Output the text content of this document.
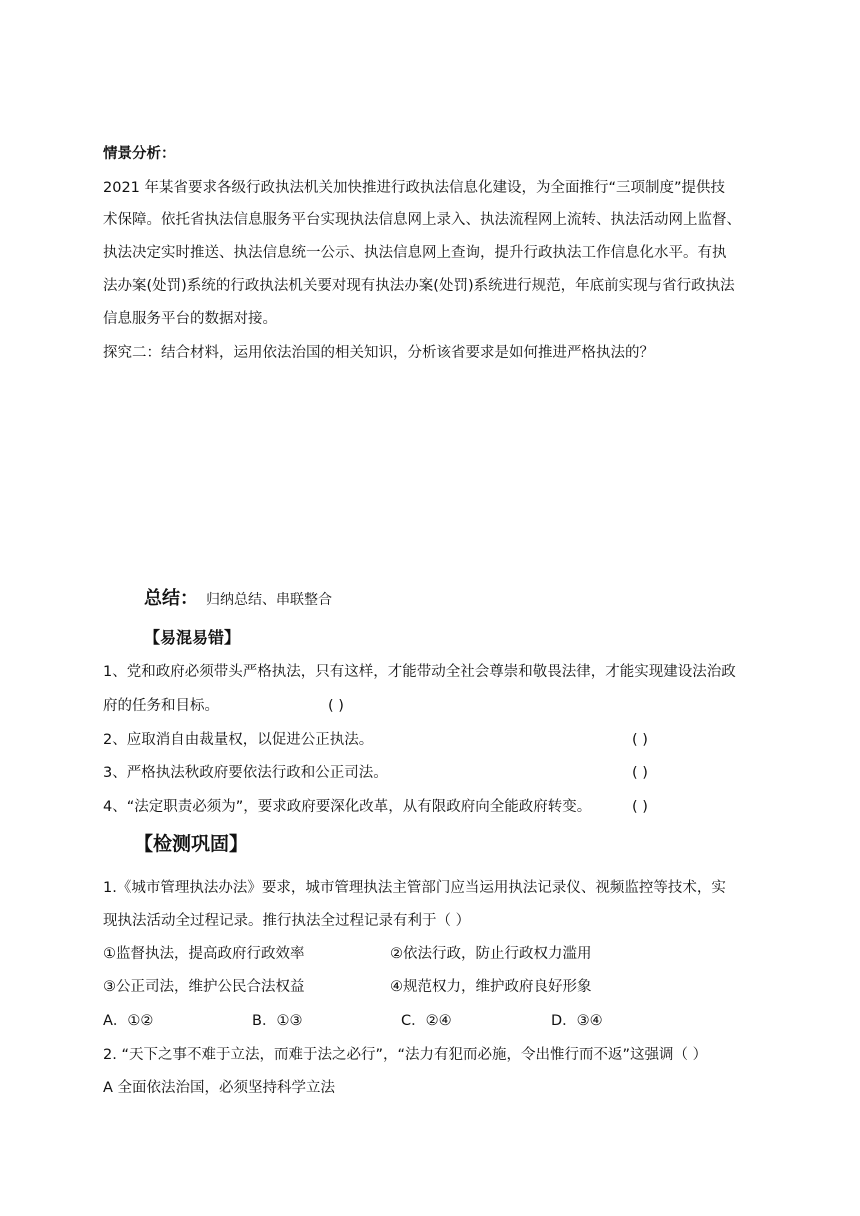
情景分析：
2021 年某省要求各级行政执法机关加快推进行政执法信息化建设，为全面推行“三项制度”提供技
术保障。依托省执法信息服务平台实现执法信息网上录入、执法流程网上流转、执法活动网上监督、
执法决定实时推送、执法信息统一公示、执法信息网上查询，提升行政执法工作信息化水平。有执
法办案(处罚)系统的行政执法机关要对现有执法办案(处罚)系统进行规范，年底前实现与省行政执法
信息服务平台的数据对接。
探究二：结合材料，运用依法治国的相关知识，分析该省要求是如何推进严格执法的？
总结： 归纳总结、串联整合
【易混易错】
1、党和政府必须带头严格执法，只有这样，才能带动全社会尊崇和敬畏法律，才能实现建设法治政
府的任务和目标。	( )
2、应取消自由裁量权，以促进公正执法。	( )
3、严格执法秋政府要依法行政和公正司法。	( )
4、“法定职责必须为”，要求政府要深化改革，从有限政府向全能政府转变。	( )
【检测巩固】
1.《城市管理执法办法》要求，城市管理执法主管部门应当运用执法记录仪、视频监控等技术，实
现执法活动全过程记录。推行执法全过程记录有利于（ ）
①监督执法，提高政府行政效率	②依法行政，防止行政权力滥用
③公正司法，维护公民合法权益	④规范权力，维护政府良好形象
A．①②	B．①③	C．②④	D．③④
2. “天下之事不难于立法，而难于法之必行”，“法力有犯而必施，令出惟行而不返”这强调（ ）
A 全面依法治国，必须坚持科学立法
